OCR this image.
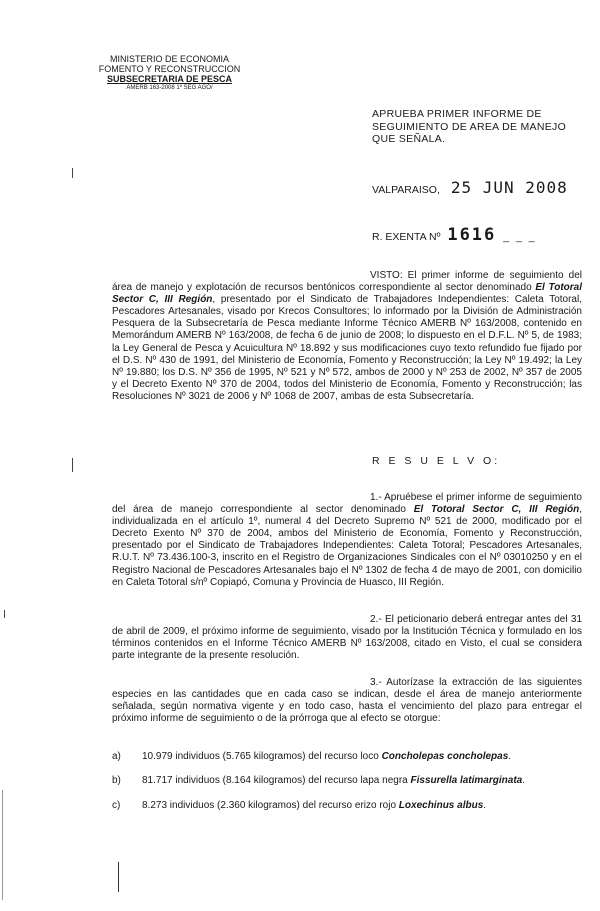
MINISTERIO DE ECONOMIA
FOMENTO Y RECONSTRUCCION
SUBSECRETARIA DE PESCA
AMERB 163-2008 1º SEG AGO/
APRUEBA PRIMER INFORME DE SEGUIMIENTO DE AREA DE MANEJO QUE SEÑALA.
VALPARAISO, 25 JUN 2008
R. EXENTA Nº 1616 _ _ _
VISTO: El primer informe de seguimiento del área de manejo y explotación de recursos bentónicos correspondiente al sector denominado El Totoral Sector C, III Región, presentado por el Sindicato de Trabajadores Independientes: Caleta Totoral, Pescadores Artesanales, visado por Krecos Consultores; lo informado por la División de Administración Pesquera de la Subsecretaría de Pesca mediante Informe Técnico AMERB Nº 163/2008, contenido en Memorándum AMERB Nº 163/2008, de fecha 6 de junio de 2008; lo dispuesto en el D.F.L. Nº 5, de 1983; la Ley General de Pesca y Acuicultura Nº 18.892 y sus modificaciones cuyo texto refundido fue fijado por el D.S. Nº 430 de 1991, del Ministerio de Economía, Fomento y Reconstrucción; la Ley Nº 19.492; la Ley Nº 19.880; los D.S. Nº 356 de 1995, Nº 521 y Nº 572, ambos de 2000 y Nº 253 de 2002, Nº 357 de 2005 y el Decreto Exento Nº 370 de 2004, todos del Ministerio de Economía, Fomento y Reconstrucción; las Resoluciones Nº 3021 de 2006 y Nº 1068 de 2007, ambas de esta Subsecretaría.
R E S U E L V O:
1.- Apruébese el primer informe de seguimiento del área de manejo correspondiente al sector denominado El Totoral Sector C, III Región, individualizada en el artículo 1º, numeral 4 del Decreto Supremo Nº 521 de 2000, modificado por el Decreto Exento Nº 370 de 2004, ambos del Ministerio de Economía, Fomento y Reconstrucción, presentado por el Sindicato de Trabajadores Independientes: Caleta Totoral; Pescadores Artesanales, R.U.T. Nº 73.436.100-3, inscrito en el Registro de Organizaciones Sindicales con el Nº 03010250 y en el Registro Nacional de Pescadores Artesanales bajo el Nº 1302 de fecha 4 de mayo de 2001, con domicilio en Caleta Totoral s/nº Copiapó, Comuna y Provincia de Huasco, III Región.
2.- El peticionario deberá entregar antes del 31 de abril de 2009, el próximo informe de seguimiento, visado por la Institución Técnica y formulado en los términos contenidos en el Informe Técnico AMERB Nº 163/2008, citado en Visto, el cual se considera parte integrante de la presente resolución.
3.- Autorízase la extracción de las siguientes especies en las cantidades que en cada caso se indican, desde el área de manejo anteriormente señalada, según normativa vigente y en todo caso, hasta el vencimiento del plazo para entregar el próximo informe de seguimiento o de la prórroga que al efecto se otorgue:
a) 10.979 individuos (5.765 kilogramos) del recurso loco Concholepas concholepas.
b) 81.717 individuos (8.164 kilogramos) del recurso lapa negra Fissurella latimarginata.
c) 8.273 individuos (2.360 kilogramos) del recurso erizo rojo Loxechinus albus.
